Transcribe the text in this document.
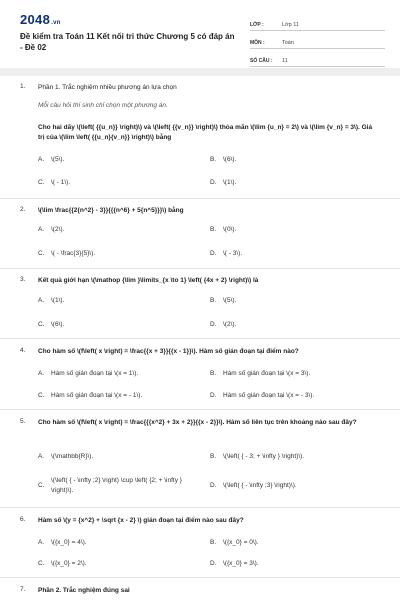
2048.vn
Đề kiểm tra Toán 11 Kết nối tri thức Chương 5 có đáp án - Đề 02
LỚP :	Lớp 11
MÔN :	Toán
SỐ CÂU :	11
1. Phần 1. Trắc nghiệm nhiều phương án lựa chọn
Mỗi câu hỏi thí sinh chỉ chọn một phương án.
Cho hai dãy \(\left( {{u_n}} \right)\) và \(\left( {{v_n}} \right)\) thỏa mãn \(\lim {u_n} = 2\) và \(\lim {v_n} = 3\). Giá trị của \(\lim \left( {{u_n}{v_n}} \right)\) bằng
A. \(5\).	B. \(6\).
C. \( - 1\).	D. \(1\).
2. \(\lim \frac{{2{n^2} - 3}}{{{n^6} + 5{n^5}}}\) bằng
A. \(2\).	B. \(0\).
C. \( - \frac{3}{5}\).	D. \( - 3\).
3. Kết quả giới hạn \(\mathop {\lim }\limits_{x \to 1} \left( {4x + 2} \right)\) là
A. \(1\).	B. \(5\).
C. \(6\).	D. \(2\).
4. Cho hàm số \(f\left( x \right) = \frac{{x + 3}}{{x - 1}}\). Hàm số gián đoạn tại điểm nào?
A. Hàm số gián đoạn tại \(x = 1\).	B. Hàm số gián đoạn tại \(x = 3\).
C. Hàm số gián đoạn tại \(x = - 1\).	D. Hàm số gián đoạn tại \(x = - 3\).
5. Cho hàm số \(f\left( x \right) = \frac{{{x^2} + 3x + 2}}{{x - 2}}\). Hàm số liên tục trên khoảng nào sau đây?
A. \(\mathbb{R}\).	B. \(\left( { - 3; + \infty } \right)\).
C.
\(\left( { - \infty ;2} \right) \cup \left( {2; + \infty } \right)\).
D. \(\left( { - \infty ;3} \right)\).
6. Hàm số \(y = {x^2} + \sqrt {x - 2} \) gián đoạn tại điểm nào sau đây?
A. \({x_0} = 4\).	B. \({x_0} = 0\).
C. \({x_0} = 2\).	D. \({x_0} = 3\).
7. Phần 2. Trắc nghiệm đúng sai
